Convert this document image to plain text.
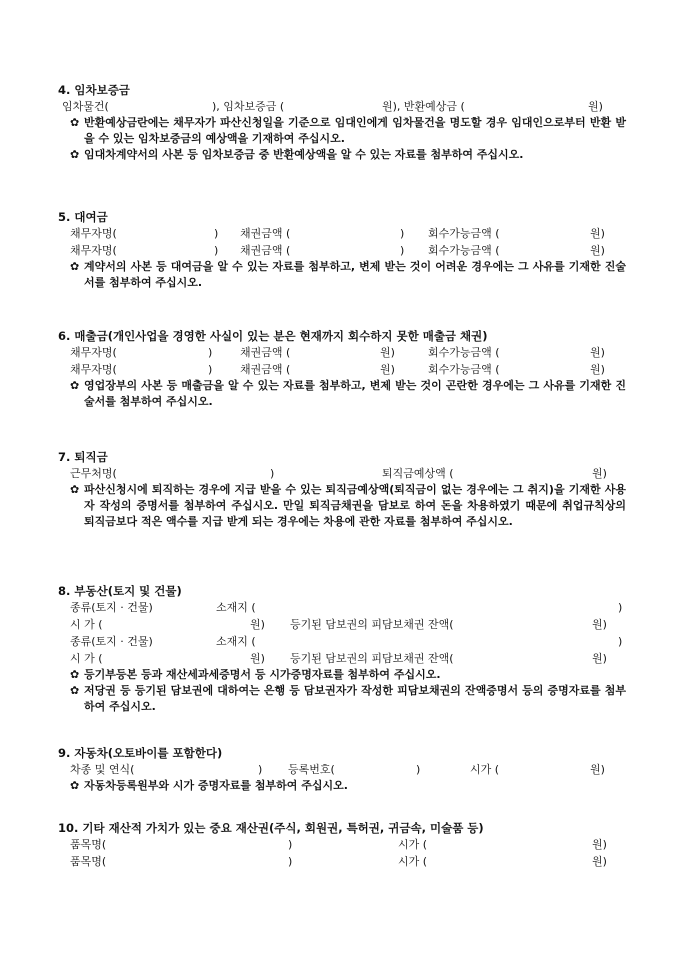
4. 임차보증금
임차물건(	), 임차보증금 (	원), 반환예상금 (	원)
✿ 반환예상금란에는 채무자가 파산신청일을 기준으로 임대인에게 임차물건을 명도할 경우 임대인으로부터 반환 받을 수 있는 임차보증금의 예상액을 기재하여 주십시오.
✿ 임대차계약서의 사본 등 임차보증금 중 반환예상액을 알 수 있는 자료를 첨부하여 주십시오.
5. 대여금
채무자명(	) 채권금액 (	) 회수가능금액 (	원)
채무자명(	) 채권금액 (	) 회수가능금액 (	원)
✿ 계약서의 사본 등 대여금을 알 수 있는 자료를 첨부하고, 변제 받는 것이 어려운 경우에는 그 사유를 기재한 진술서를 첨부하여 주십시오.
6. 매출금(개인사업을 경영한 사실이 있는 분은 현재까지 회수하지 못한 매출금 채권)
채무자명(	)	채권금액 (	원)	회수가능금액 (	원)
채무자명(	)	채권금액 (	원)	회수가능금액 (	원)
✿ 영업장부의 사본 등 매출금을 알 수 있는 자료를 첨부하고, 변제 받는 것이 곤란한 경우에는 그 사유를 기재한 진술서를 첨부하여 주십시오.
7. 퇴직금
근무처명(	)	퇴직금예상액 (	원)
✿ 파산신청시에 퇴직하는 경우에 지급 받을 수 있는 퇴직금예상액(퇴직금이 없는 경우에는 그 취지)을 기재한 사용자 작성의 증명서를 첨부하여 주십시오. 만일 퇴직금채권을 담보로 하여 돈을 차용하였기 때문에 취업규칙상의 퇴직금보다 적은 액수를 지급 받게 되는 경우에는 차용에 관한 자료를 첨부하여 주십시오.
8. 부동산(토지 및 건물)
종류(토지 · 건물)	소재지 (	)
시 가 (	원) 등기된 담보권의 피담보채권 잔액(	원)
종류(토지 · 건물)	소재지 (	)
시 가 (	원) 등기된 담보권의 피담보채권 잔액(	원)
✿ 등기부등본 등과 재산세과세증명서 등 시가증명자료를 첨부하여 주십시오.
✿ 저당권 등 등기된 담보권에 대하여는 은행 등 담보권자가 작성한 피담보채권의 잔액증명서 등의 증명자료를 첨부하여 주십시오.
9. 자동차(오토바이를 포함한다)
차종 및 연식(	) 등록번호(	)	시가 (	원)
✿ 자동차등록원부와 시가 증명자료를 첨부하여 주십시오.
10. 기타 재산적 가치가 있는 중요 재산권(주식, 회원권, 특허권, 귀금속, 미술품 등)
품목명(	)	시가 (	원)
품목명(	)	시가 (	원)
